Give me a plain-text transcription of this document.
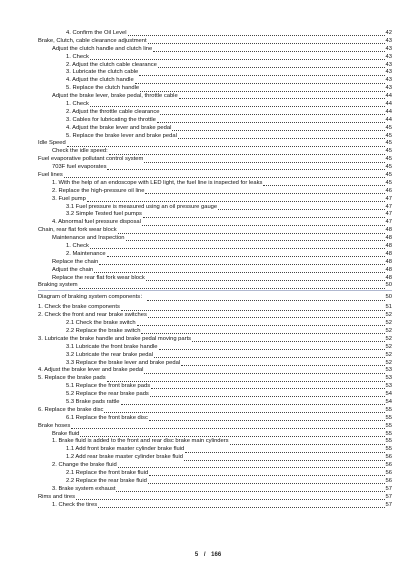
4. Confirm the Oil Level	42
Brake, Clutch, cable clearance adjustment	43
Adjust the clutch handle and clutch line	43
1. Check	43
2. Adjust the clutch cable clearance	43
3. Lubricate the clutch cable	43
4. Adjust the clutch handle	43
5. Replace the clutch handle	43
Adjust the brake lever, brake pedal, throttle cable	44
1. Check	44
2. Adjust the throttle cable clearance	44
3. Cables for lubricating the throttle	44
4. Adjust the brake lever and brake pedal	45
5. Replace the brake lever and brake pedal	45
Idle Speed	45
Check the idle speed:	45
Fuel evaporative pollutant control system	45
703F fuel evaporates	45
Fuel lines	45
1. With the help of an endoscope with LED light, the fuel line is inspected for leaks	45
2. Replace the high-pressure oil line	46
3. Fuel pump	47
3.1 Fuel pressure is measured using an oil pressure gauge	47
3.2 Simple Tested fuel pumps	47
4. Abnormal fuel pressure disposal	47
Chain, rear flat fork wear block	48
Maintenance and Inspection	48
1. Check	48
2. Maintenance	48
Replace the chain	48
Adjust the chain	48
Replace the rear flat fork wear block	48
Braking system	50
Diagram of braking system components：	50
1. Check the brake components	51
2. Check the front and rear brake switches	52
2.1 Check the brake switch	52
2.2 Replace the brake switch	52
3. Lubricate the brake handle and brake pedal moving parts	52
3.1 Lubricate the front brake handle	52
3.2 Lubricate the rear brake pedal	52
3.3 Replace the brake lever and brake pedal	52
4. Adjust the brake lever and brake pedal	53
5. Replace the brake pads	53
5.1 Replace the front brake pads	53
5.2 Replace the rear brake pads	54
5.3 Brake pads rattle	54
6. Replace the brake disc	55
6.1 Replace the front brake disc	55
Brake hoses	55
Brake fluid	55
1. Brake fluid is added to the front and rear disc brake main cylinders	55
1.1 Add front brake master cylinder brake fluid	55
1.2 Add rear brake master cylinder brake fluid	56
2. Change the brake fluid	56
2.1 Replace the front brake fluid	56
2.2 Replace the rear brake fluid	56
3. Brake system exhaust	57
Rims and tires	57
1. Check the tires	57
5 / 166
